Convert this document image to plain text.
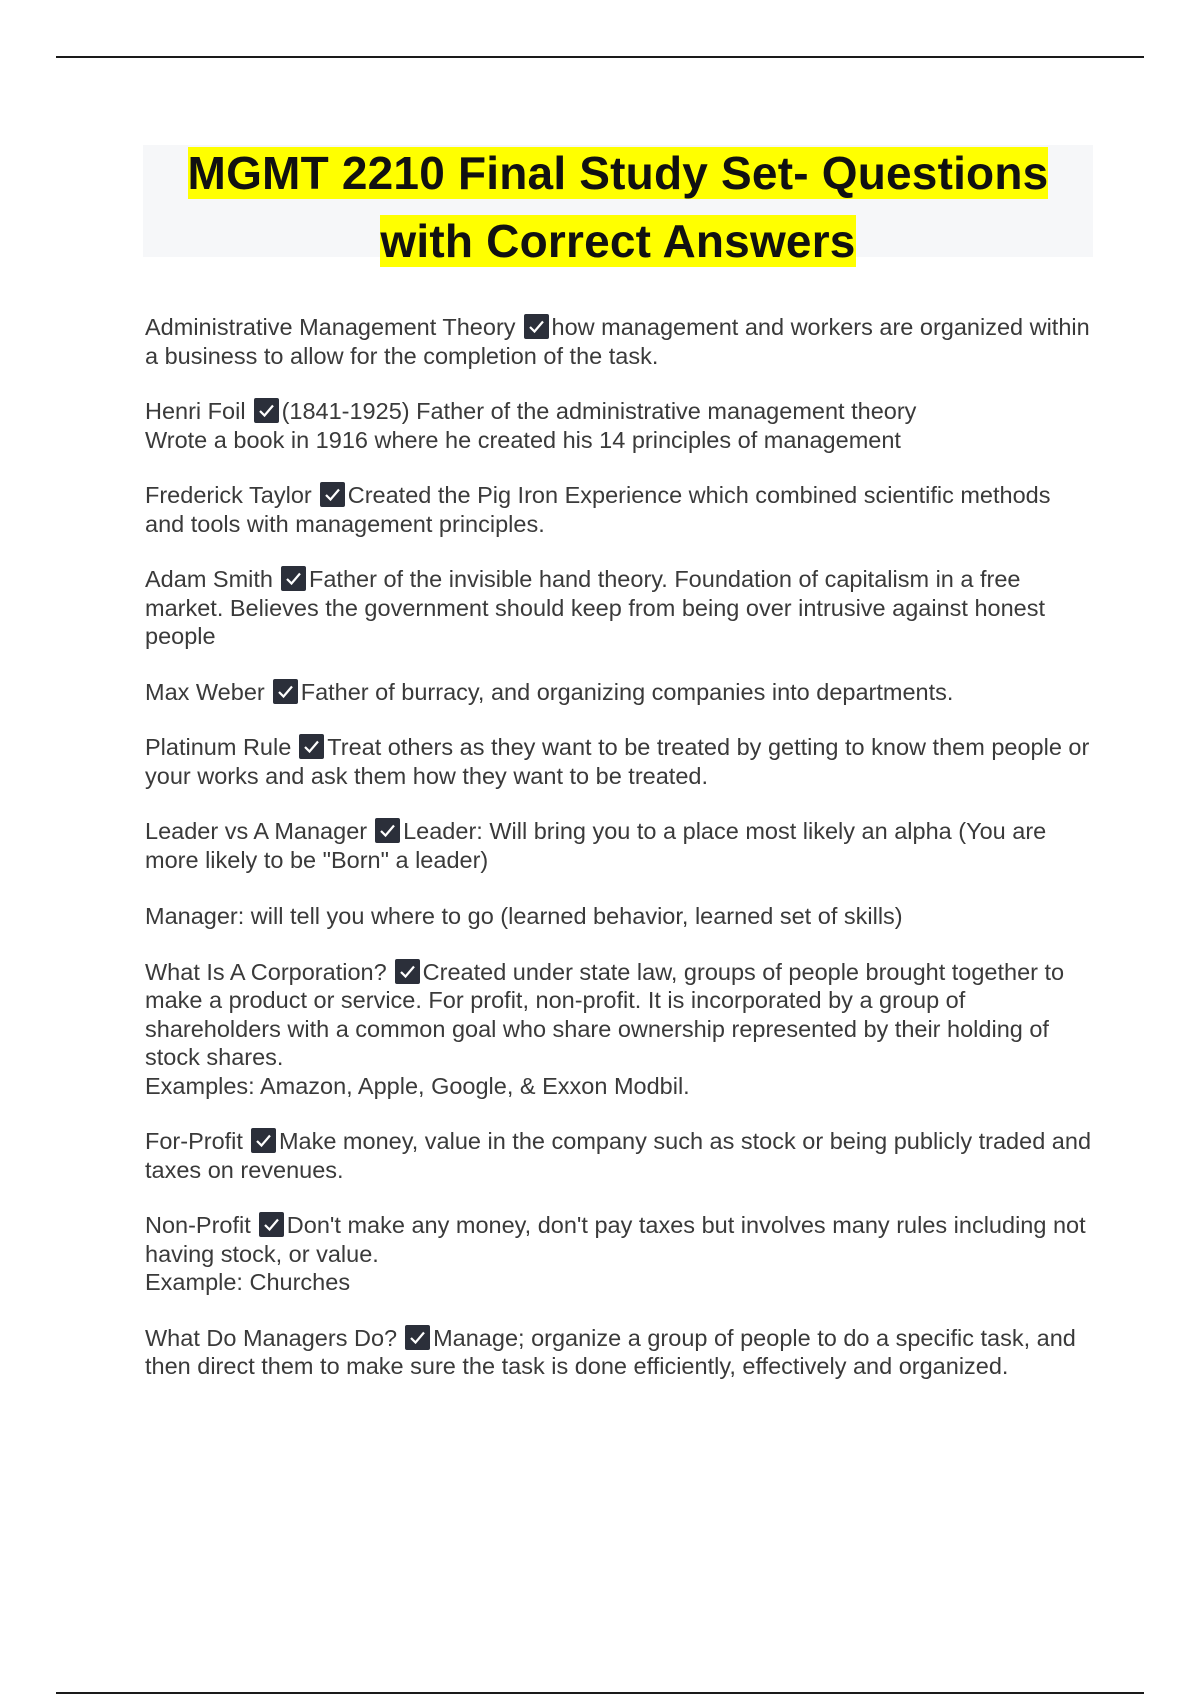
MGMT 2210 Final Study Set- Questions
with Correct Answers

Administrative Management Theory how management and workers are organized within a business to allow for the completion of the task.

Henri Foil (1841-1925) Father of the administrative management theory

Wrote a book in 1916 where he created his 14 principles of management

Frederick Taylor Created the Pig Iron Experience which combined scientific methods and tools with management principles.

Adam Smith Father of the invisible hand theory. Foundation of capitalism in a free market. Believes the government should keep from being over intrusive against honest people

Max Weber Father of burracy, and organizing companies into departments.

Platinum Rule Treat others as they want to be treated by getting to know them people or your works and ask them how they want to be treated.

Leader vs A Manager Leader: Will bring you to a place most likely an alpha (You are more likely to be "Born" a leader)

Manager: will tell you where to go (learned behavior, learned set of skills)

What Is A Corporation? Created under state law, groups of people brought together to make a product or service. For profit, non-profit. It is incorporated by a group of shareholders with a common goal who share ownership represented by their holding of stock shares.

Examples: Amazon, Apple, Google, & Exxon Modbil.

For-Profit Make money, value in the company such as stock or being publicly traded and taxes on revenues.

Non-Profit Don't make any money, don't pay taxes but involves many rules including not having stock, or value.

Example: Churches

What Do Managers Do? Manage; organize a group of people to do a specific task, and then direct them to make sure the task is done efficiently, effectively and organized.
